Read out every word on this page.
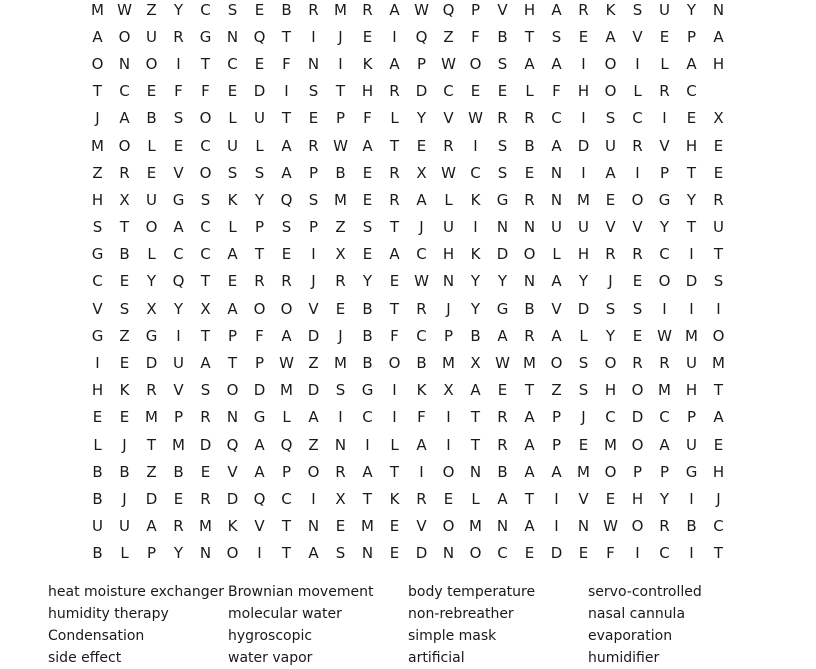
M W Z	Y	C	S	E	B	R	M	R	A W Q	P	V	H	A	R	K	S	U	Y	N
A	O	U	R	G	N	Q	T	I	J	E	I	Q	Z	F	B	T	S	E	A	V	E	P	A
O	N	O	I	T	C	E	F	N	I	K	A	P	W O	S	A	A	I	O	I	L	A	H
T	C	E	F	F	E	D	I	S	T	H	R	D	C	E	E	L	F	H	O	L	R	C
J	A	B	S	O	L	U	T	E	P	F	L	Y	V W R	R	C	I	S	C	I	E	X
M O	L	E	C	U	L	A	R W A	T	E	R	I	S	B	A	D	U	R	V	H	E
Z	R	E	V	O	S	S	A	P	B	E	R	X W C	S	E	N	I	A	I	P	T	E
H	X	U	G	S	K	Y	Q	S	M	E	R	A	L	K	G	R	N M	E	O	G	Y	R
S	T	O	A	C	L	P	S	P	Z	S	T	J	U	I	N	N	U	U	V	V	Y	T	U
G	B	L	C	C	A	T	E	I	X	E	A	C	H	K	D	O	L	H	R	R	C	I	T
C	E	Y	Q	T	E	R	R	J	R	Y	E W N	Y	Y	N	A	Y	J	E	O	D	S
V	S	X	Y	X	A	O	O	V	E	B	T	R	J	Y	G	B	V	D	S	S	I	I	I
G	Z	G	I	T	P	F	A	D	J	B	F	C	P	B	A	R	A	L	Y	E W M O
I	E	D	U	A	T	P	W Z	M	B	O	B	M	X W M O	S	O	R	R	U	M
H	K	R	V	S	O	D M D	S	G	I	K	X	A	E	T	Z	S	H	O M H	T
E	E	M	P	R	N	G	L	A	I	C	I	F	I	T	R	A	P	J	C	D	C	P	A
L	J	T	M D	Q	A	Q	Z	N	I	L	A	I	T	R	A	P	E	M O	A	U	E
B	B	Z	B	E	V	A	P	O	R	A	T	I	O	N	B	A	A	M O	P	P	G	H
B	J	D	E	R	D	Q	C	I	X	T	K	R	E	L	A	T	I	V	E	H	Y	I	J
U	U	A	R	M	K	V	T	N	E	M	E	V	O M N	A	I	N W O	R	B	C
B	L	P	Y	N	O	I	T	A	S	N	E	D	N	O	C	E	D	E	F	I	C	I	T
heat moisture exchanger
humidity therapy
Condensation
side effect
Brownian movement
molecular water
hygroscopic
water vapor
body temperature
non-rebreather
simple mask
artificial
servo-controlled
nasal cannula
evaporation
humidifier
